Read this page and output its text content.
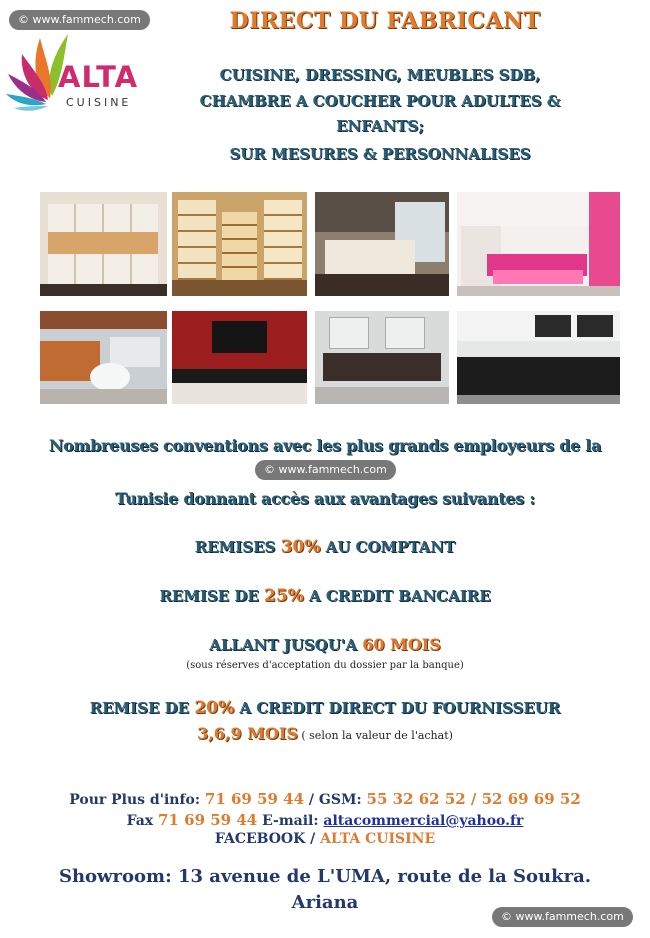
© www.fammech.com
© www.fammech.com
© www.fammech.com
ALTA
CUISINE
DIRECT DU FABRICANT
CUISINE, DRESSING, MEUBLES SDB,
CHAMBRE A COUCHER POUR ADULTES &
ENFANTS;
SUR MESURES & PERSONNALISES
Nombreuses conventions avec les plus grands employeurs de la
Tunisie donnant accès aux avantages suivantes :
REMISES 30% AU COMPTANT
REMISE DE 25% A CREDIT BANCAIRE
ALLANT JUSQU'A 60 MOIS
(sous réserves d'acceptation du dossier par la banque)
REMISE DE 20% A CREDIT DIRECT DU FOURNISSEUR
3,6,9 MOIS ( selon la valeur de l'achat)
Pour Plus d'info: 71 69 59 44 / GSM: 55 32 62 52 / 52 69 69 52
Fax 71 69 59 44 E-mail: altacommercial@yahoo.fr
FACEBOOK / ALTA CUISINE
Showroom: 13 avenue de L'UMA, route de la Soukra.
Ariana
